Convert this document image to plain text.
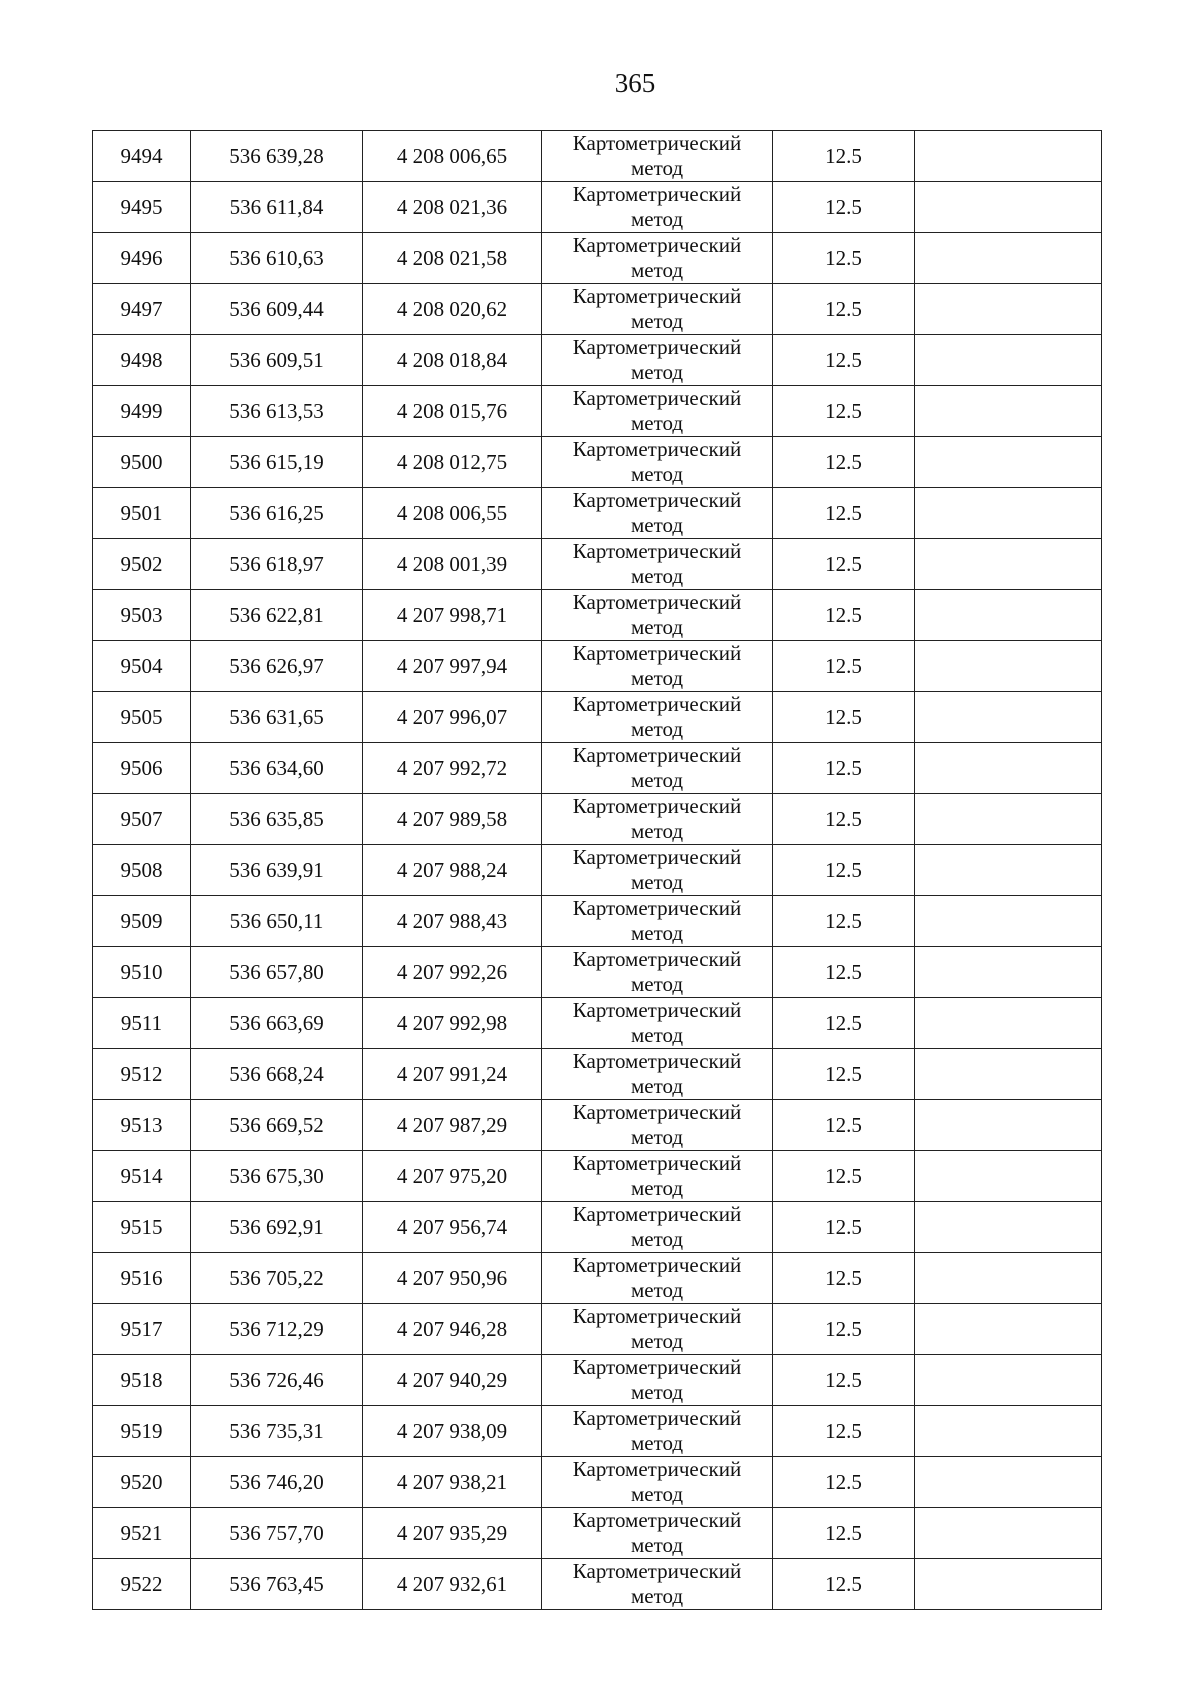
365
9494	536 639,28	4 208 006,65	Картометрический
метод	12.5	
9495	536 611,84	4 208 021,36	Картометрический
метод	12.5	
9496	536 610,63	4 208 021,58	Картометрический
метод	12.5	
9497	536 609,44	4 208 020,62	Картометрический
метод	12.5	
9498	536 609,51	4 208 018,84	Картометрический
метод	12.5	
9499	536 613,53	4 208 015,76	Картометрический
метод	12.5	
9500	536 615,19	4 208 012,75	Картометрический
метод	12.5	
9501	536 616,25	4 208 006,55	Картометрический
метод	12.5	
9502	536 618,97	4 208 001,39	Картометрический
метод	12.5	
9503	536 622,81	4 207 998,71	Картометрический
метод	12.5	
9504	536 626,97	4 207 997,94	Картометрический
метод	12.5	
9505	536 631,65	4 207 996,07	Картометрический
метод	12.5	
9506	536 634,60	4 207 992,72	Картометрический
метод	12.5	
9507	536 635,85	4 207 989,58	Картометрический
метод	12.5	
9508	536 639,91	4 207 988,24	Картометрический
метод	12.5	
9509	536 650,11	4 207 988,43	Картометрический
метод	12.5	
9510	536 657,80	4 207 992,26	Картометрический
метод	12.5	
9511	536 663,69	4 207 992,98	Картометрический
метод	12.5	
9512	536 668,24	4 207 991,24	Картометрический
метод	12.5	
9513	536 669,52	4 207 987,29	Картометрический
метод	12.5	
9514	536 675,30	4 207 975,20	Картометрический
метод	12.5	
9515	536 692,91	4 207 956,74	Картометрический
метод	12.5	
9516	536 705,22	4 207 950,96	Картометрический
метод	12.5	
9517	536 712,29	4 207 946,28	Картометрический
метод	12.5	
9518	536 726,46	4 207 940,29	Картометрический
метод	12.5	
9519	536 735,31	4 207 938,09	Картометрический
метод	12.5	
9520	536 746,20	4 207 938,21	Картометрический
метод	12.5	
9521	536 757,70	4 207 935,29	Картометрический
метод	12.5	
9522	536 763,45	4 207 932,61	Картометрический
метод	12.5	
